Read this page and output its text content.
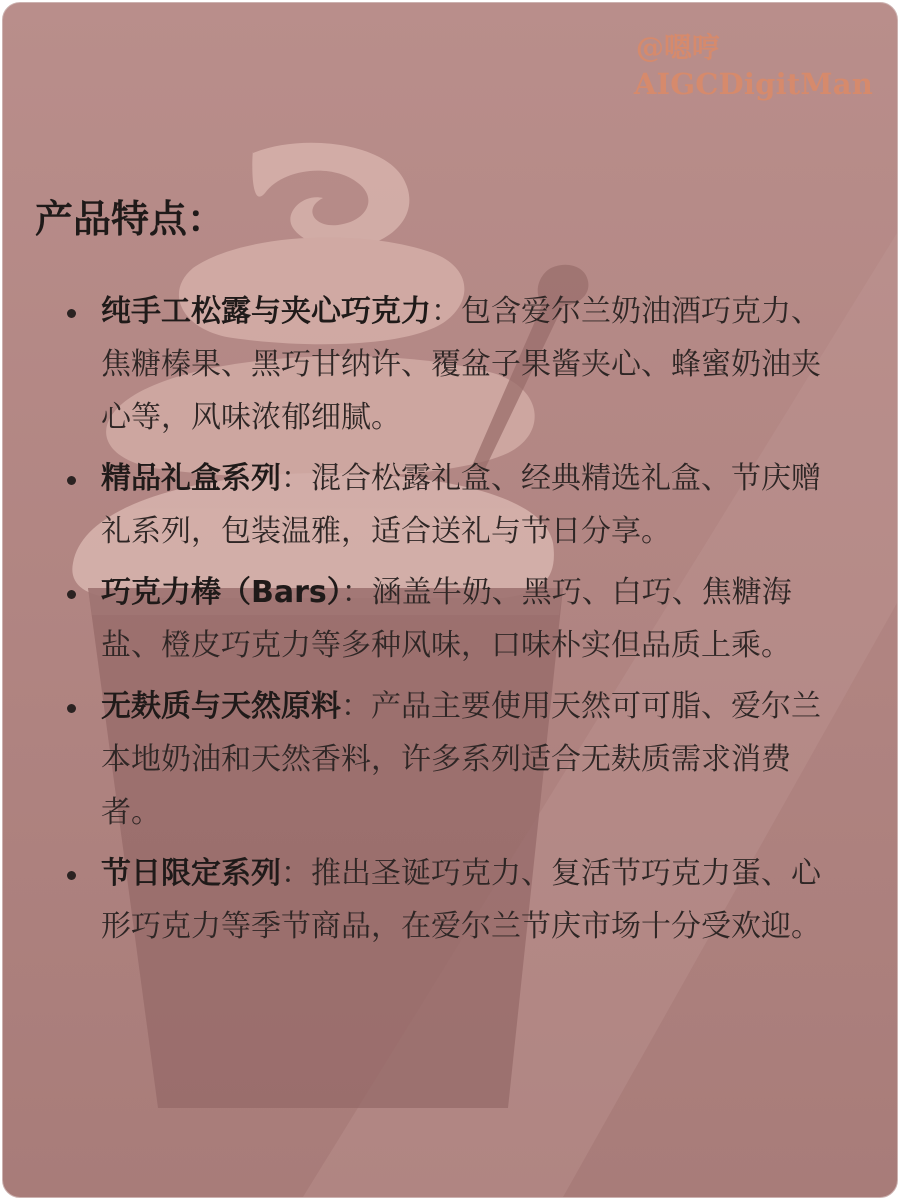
@嗯哼
AIGCDigitMan
产品特点：
纯手工松露与夹心巧克力：包含爱尔兰奶油酒巧克力、焦糖榛果、黑巧甘纳许、覆盆子果酱夹心、蜂蜜奶油夹心等，风味浓郁细腻。
精品礼盒系列：混合松露礼盒、经典精选礼盒、节庆赠礼系列，包装温雅，适合送礼与节日分享。
巧克力棒（Bars）：涵盖牛奶、黑巧、白巧、焦糖海盐、橙皮巧克力等多种风味，口味朴实但品质上乘。
无麸质与天然原料：产品主要使用天然可可脂、爱尔兰本地奶油和天然香料，许多系列适合无麸质需求消费者。
节日限定系列：推出圣诞巧克力、复活节巧克力蛋、心形巧克力等季节商品，在爱尔兰节庆市场十分受欢迎。
